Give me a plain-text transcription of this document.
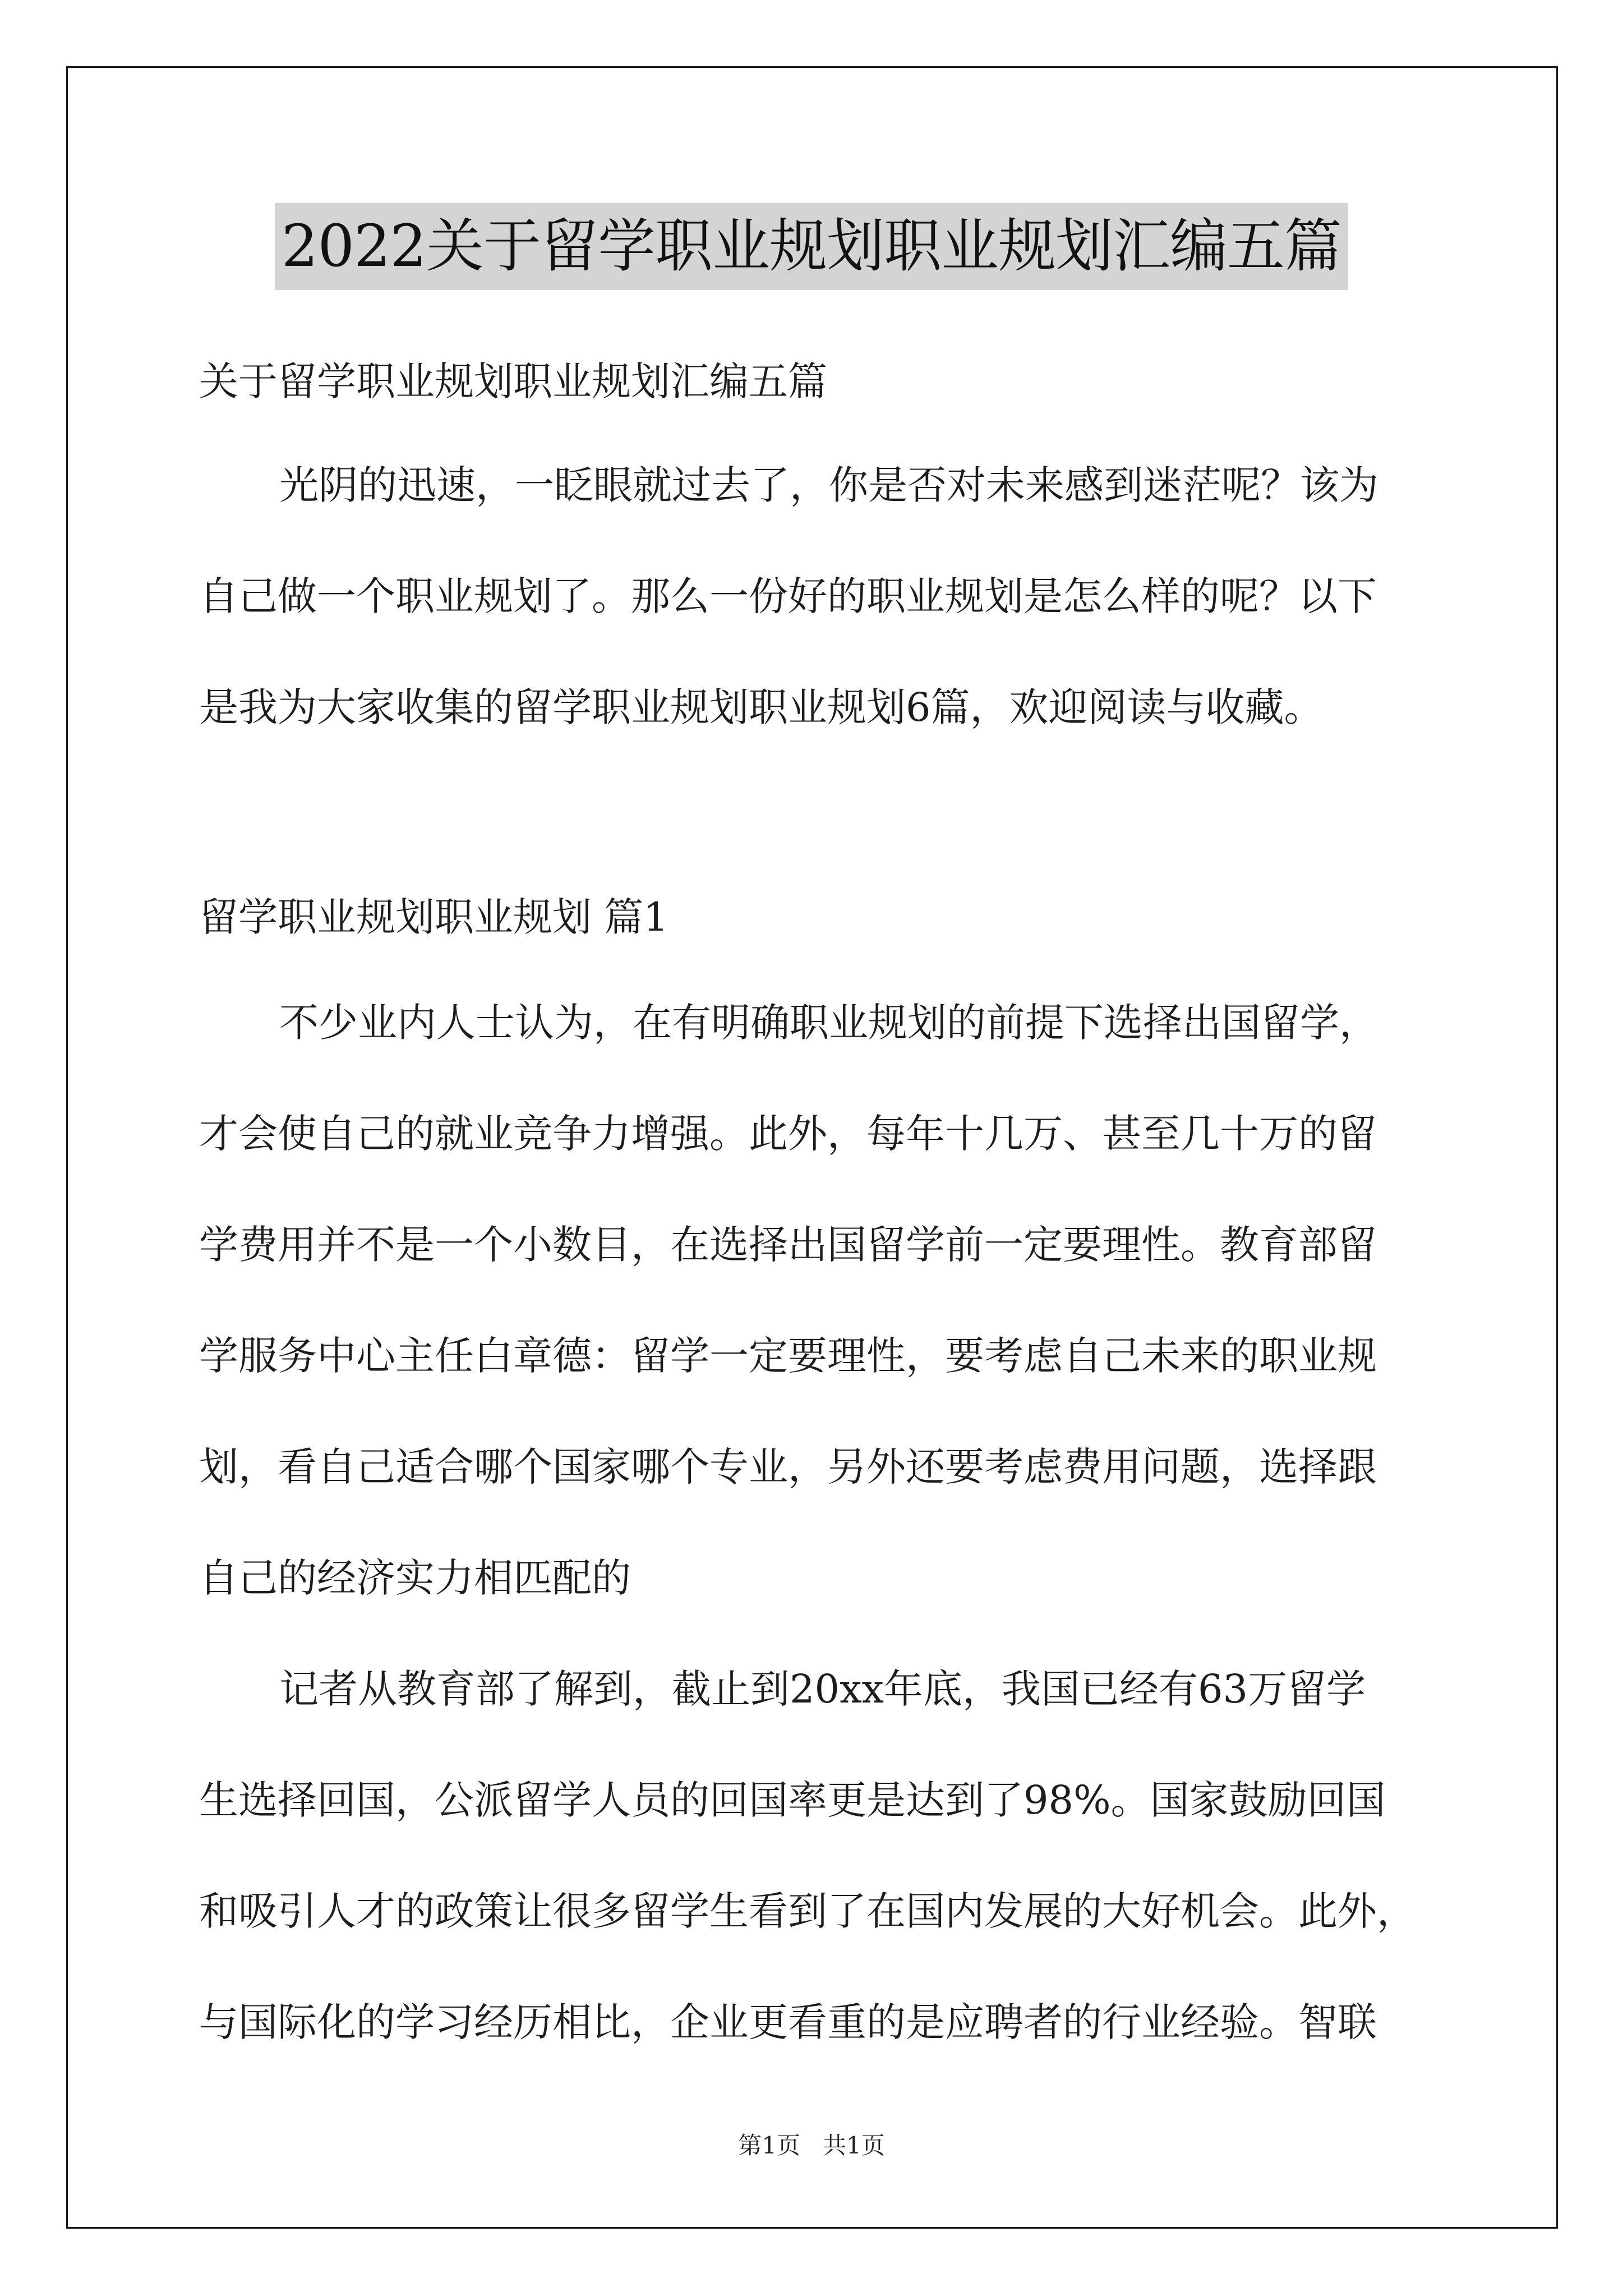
2022关于留学职业规划职业规划汇编五篇
关于留学职业规划职业规划汇编五篇
光阴的迅速，一眨眼就过去了，你是否对未来感到迷茫呢？该为
自己做一个职业规划了。那么一份好的职业规划是怎么样的呢？以下
是我为大家收集的留学职业规划职业规划6篇，欢迎阅读与收藏。
留学职业规划职业规划 篇1
不少业内人士认为，在有明确职业规划的前提下选择出国留学，
才会使自己的就业竞争力增强。此外，每年十几万、甚至几十万的留
学费用并不是一个小数目，在选择出国留学前一定要理性。教育部留
学服务中心主任白章德：留学一定要理性，要考虑自己未来的职业规
划，看自己适合哪个国家哪个专业，另外还要考虑费用问题，选择跟
自己的经济实力相匹配的
记者从教育部了解到，截止到20xx年底，我国已经有63万留学
生选择回国，公派留学人员的回国率更是达到了98%。国家鼓励回国
和吸引人才的政策让很多留学生看到了在国内发展的大好机会。此外，
与国际化的学习经历相比，企业更看重的是应聘者的行业经验。智联
第1页   共1页
